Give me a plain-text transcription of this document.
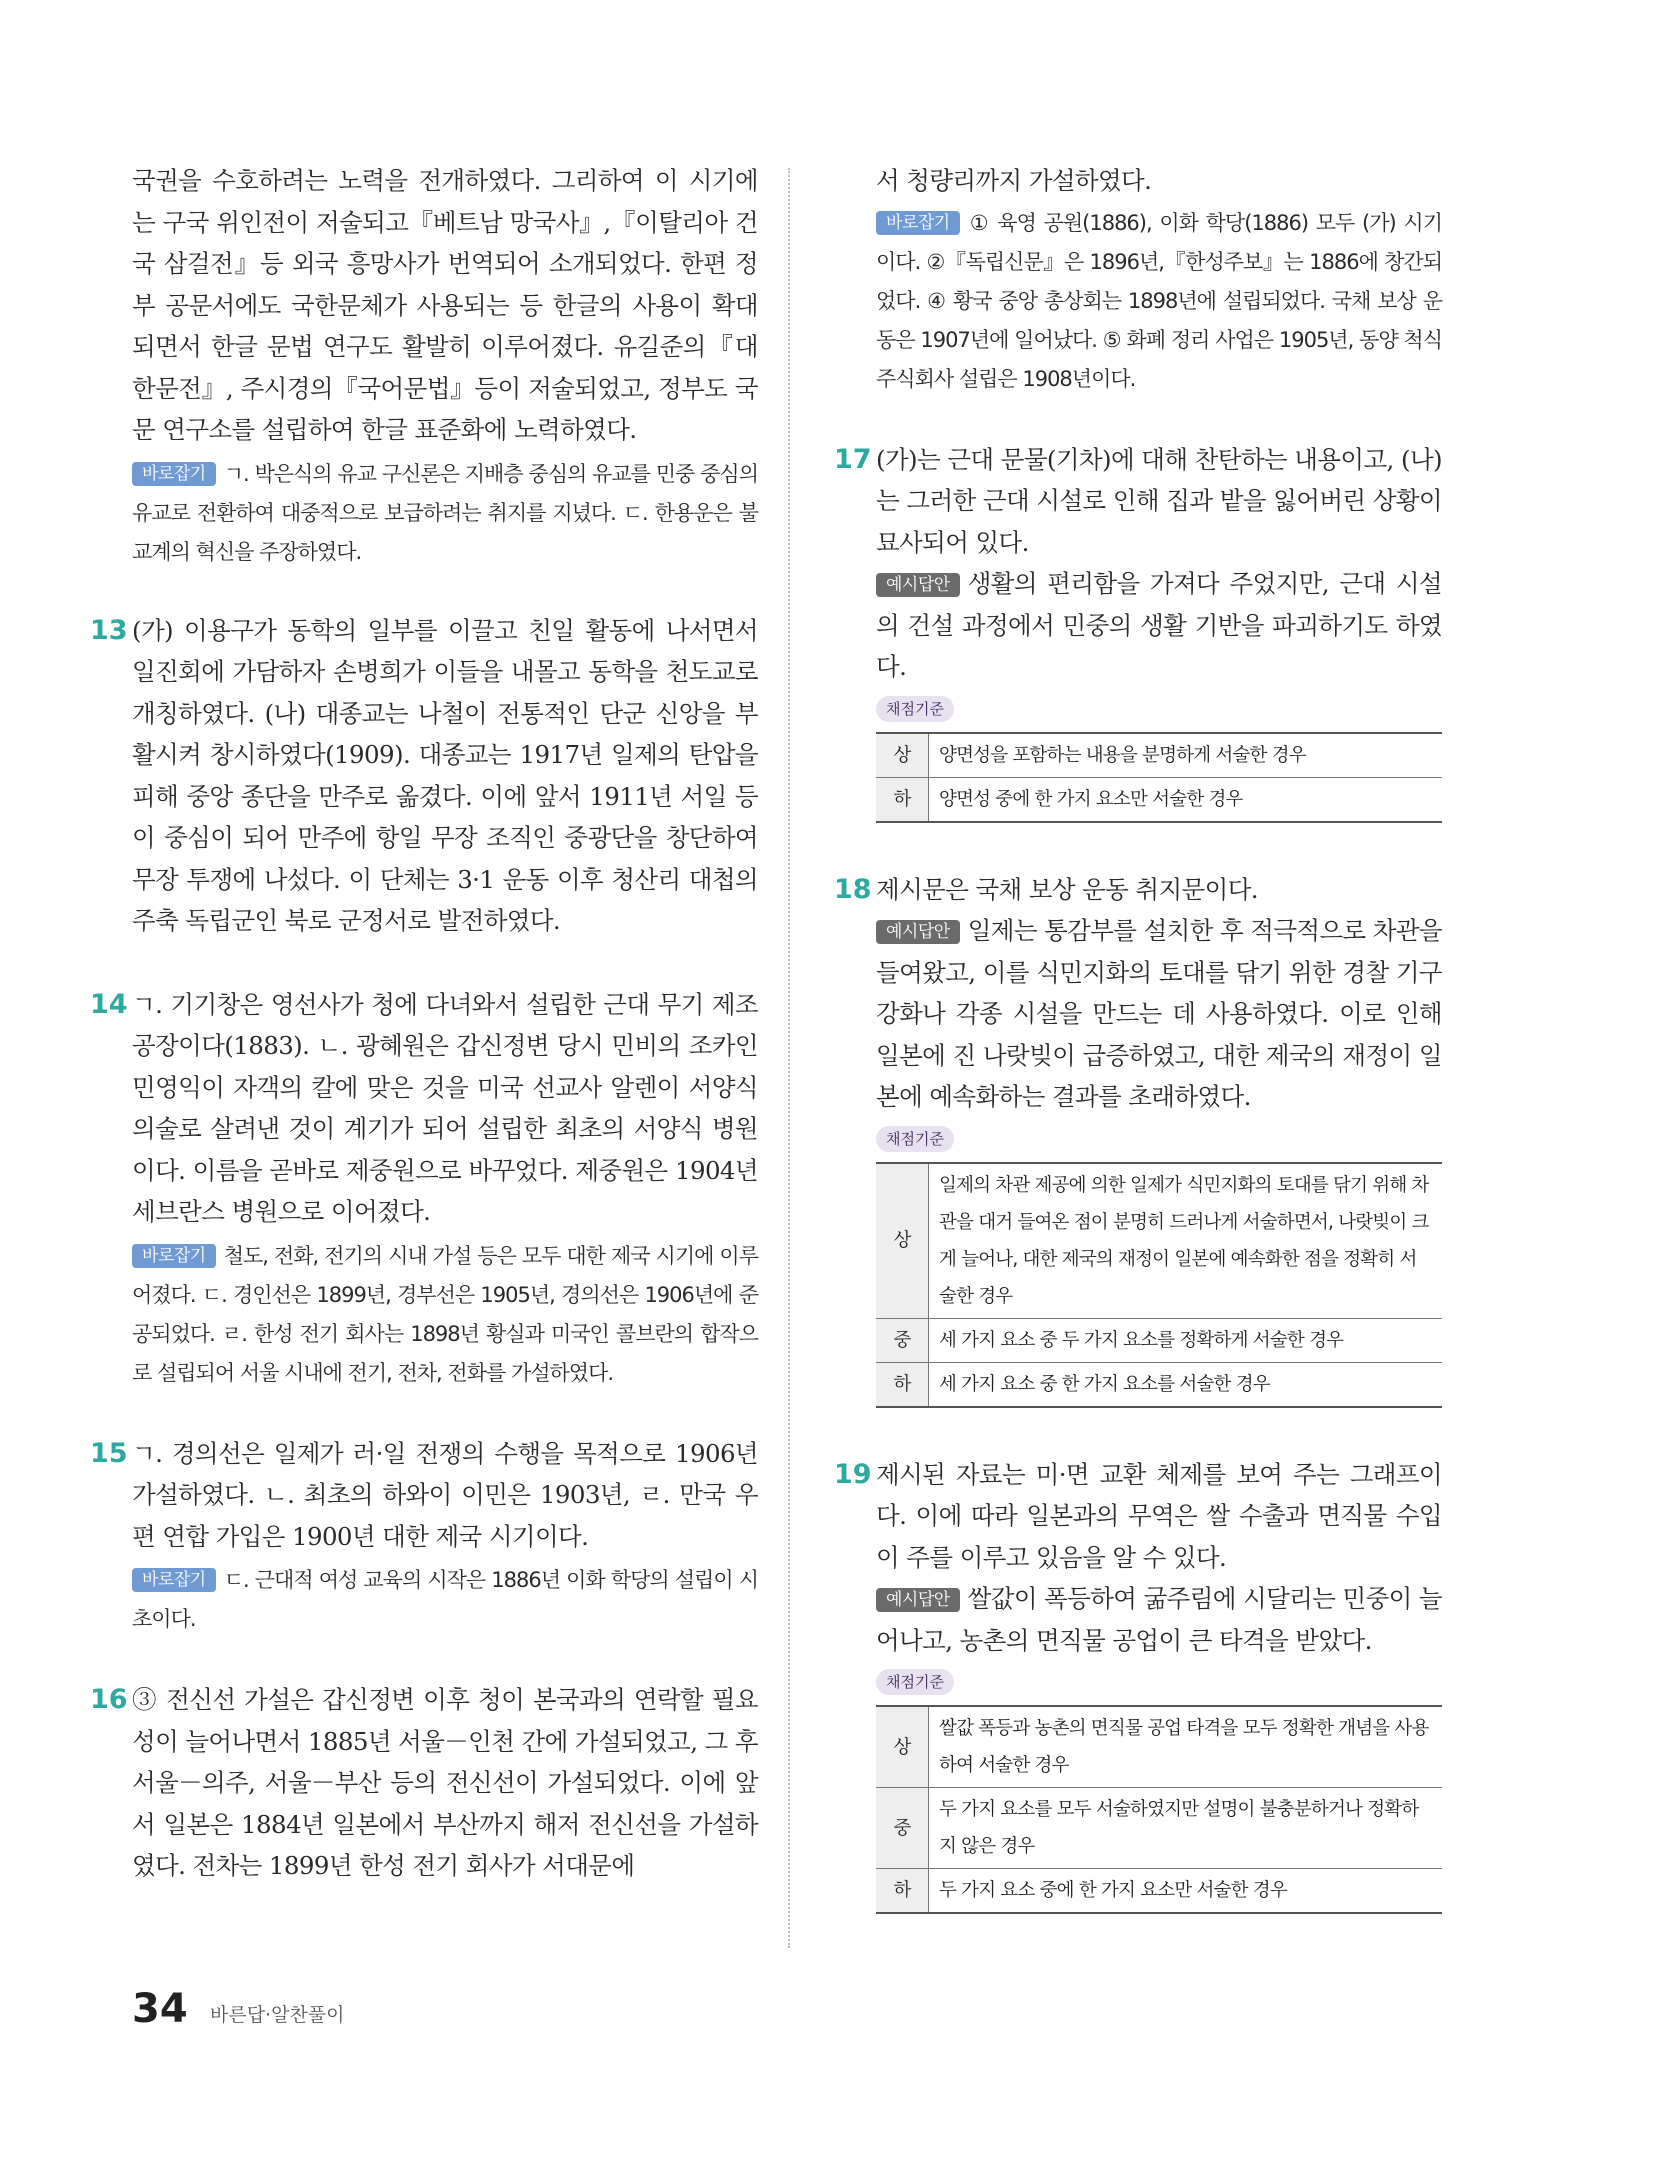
국권을 수호하려는 노력을 전개하였다. 그리하여 이 시기에는 구국 위인전이 저술되고『베트남 망국사』,『이탈리아 건국 삼걸전』등 외국 흥망사가 번역되어 소개되었다. 한편 정부 공문서에도 국한문체가 사용되는 등 한글의 사용이 확대되면서 한글 문법 연구도 활발히 이루어졌다. 유길준의『대한문전』, 주시경의『국어문법』등이 저술되었고, 정부도 국문 연구소를 설립하여 한글 표준화에 노력하였다.

바로잡기 ㄱ. 박은식의 유교 구신론은 지배층 중심의 유교를 민중 중심의 유교로 전환하여 대중적으로 보급하려는 취지를 지녔다. ㄷ. 한용운은 불교계의 혁신을 주장하였다.

13 (가) 이용구가 동학의 일부를 이끌고 친일 활동에 나서면서 일진회에 가담하자 손병희가 이들을 내몰고 동학을 천도교로 개칭하였다. (나) 대종교는 나철이 전통적인 단군 신앙을 부활시켜 창시하였다(1909). 대종교는 1917년 일제의 탄압을 피해 중앙 종단을 만주로 옮겼다. 이에 앞서 1911년 서일 등이 중심이 되어 만주에 항일 무장 조직인 중광단을 창단하여 무장 투쟁에 나섰다. 이 단체는 3·1 운동 이후 청산리 대첩의 주축 독립군인 북로 군정서로 발전하였다.

14 ㄱ. 기기창은 영선사가 청에 다녀와서 설립한 근대 무기 제조 공장이다(1883). ㄴ. 광혜원은 갑신정변 당시 민비의 조카인 민영익이 자객의 칼에 맞은 것을 미국 선교사 알렌이 서양식 의술로 살려낸 것이 계기가 되어 설립한 최초의 서양식 병원이다. 이름을 곧바로 제중원으로 바꾸었다. 제중원은 1904년 세브란스 병원으로 이어졌다.

바로잡기 철도, 전화, 전기의 시내 가설 등은 모두 대한 제국 시기에 이루어졌다. ㄷ. 경인선은 1899년, 경부선은 1905년, 경의선은 1906년에 준공되었다. ㄹ. 한성 전기 회사는 1898년 황실과 미국인 콜브란의 합작으로 설립되어 서울 시내에 전기, 전차, 전화를 가설하였다.

15 ㄱ. 경의선은 일제가 러·일 전쟁의 수행을 목적으로 1906년 가설하였다. ㄴ. 최초의 하와이 이민은 1903년, ㄹ. 만국 우편 연합 가입은 1900년 대한 제국 시기이다.

바로잡기 ㄷ. 근대적 여성 교육의 시작은 1886년 이화 학당의 설립이 시초이다.

16 ③ 전신선 가설은 갑신정변 이후 청이 본국과의 연락할 필요성이 늘어나면서 1885년 서울－인천 간에 가설되었고, 그 후 서울－의주, 서울－부산 등의 전신선이 가설되었다. 이에 앞서 일본은 1884년 일본에서 부산까지 해저 전신선을 가설하였다. 전차는 1899년 한성 전기 회사가 서대문에

서 청량리까지 가설하였다.

바로잡기 ① 육영 공원(1886), 이화 학당(1886) 모두 (가) 시기이다. ②『독립신문』은 1896년,『한성주보』는 1886에 창간되었다. ④ 황국 중앙 총상회는 1898년에 설립되었다. 국채 보상 운동은 1907년에 일어났다. ⑤ 화폐 정리 사업은 1905년, 동양 척식 주식회사 설립은 1908년이다.

17 (가)는 근대 문물(기차)에 대해 찬탄하는 내용이고, (나)는 그러한 근대 시설로 인해 집과 밭을 잃어버린 상황이 묘사되어 있다.

예시답안 생활의 편리함을 가져다 주었지만, 근대 시설의 건설 과정에서 민중의 생활 기반을 파괴하기도 하였다.

채점기준
상	양면성을 포함하는 내용을 분명하게 서술한 경우
하	양면성 중에 한 가지 요소만 서술한 경우
18 제시문은 국채 보상 운동 취지문이다.

예시답안 일제는 통감부를 설치한 후 적극적으로 차관을 들여왔고, 이를 식민지화의 토대를 닦기 위한 경찰 기구 강화나 각종 시설을 만드는 데 사용하였다. 이로 인해 일본에 진 나랏빚이 급증하였고, 대한 제국의 재정이 일본에 예속화하는 결과를 초래하였다.

채점기준
상	일제의 차관 제공에 의한 일제가 식민지화의 토대를 닦기 위해 차관을 대거 들여온 점이 분명히 드러나게 서술하면서, 나랏빚이 크게 늘어나, 대한 제국의 재정이 일본에 예속화한 점을 정확히 서술한 경우
중	세 가지 요소 중 두 가지 요소를 정확하게 서술한 경우
하	세 가지 요소 중 한 가지 요소를 서술한 경우
19 제시된 자료는 미·면 교환 체제를 보여 주는 그래프이다. 이에 따라 일본과의 무역은 쌀 수출과 면직물 수입이 주를 이루고 있음을 알 수 있다.

예시답안 쌀값이 폭등하여 굶주림에 시달리는 민중이 늘어나고, 농촌의 면직물 공업이 큰 타격을 받았다.

채점기준
상	쌀값 폭등과 농촌의 면직물 공업 타격을 모두 정확한 개념을 사용하여 서술한 경우
중	두 가지 요소를 모두 서술하였지만 설명이 불충분하거나 정확하지 않은 경우
하	두 가지 요소 중에 한 가지 요소만 서술한 경우
34 바른답·알찬풀이
